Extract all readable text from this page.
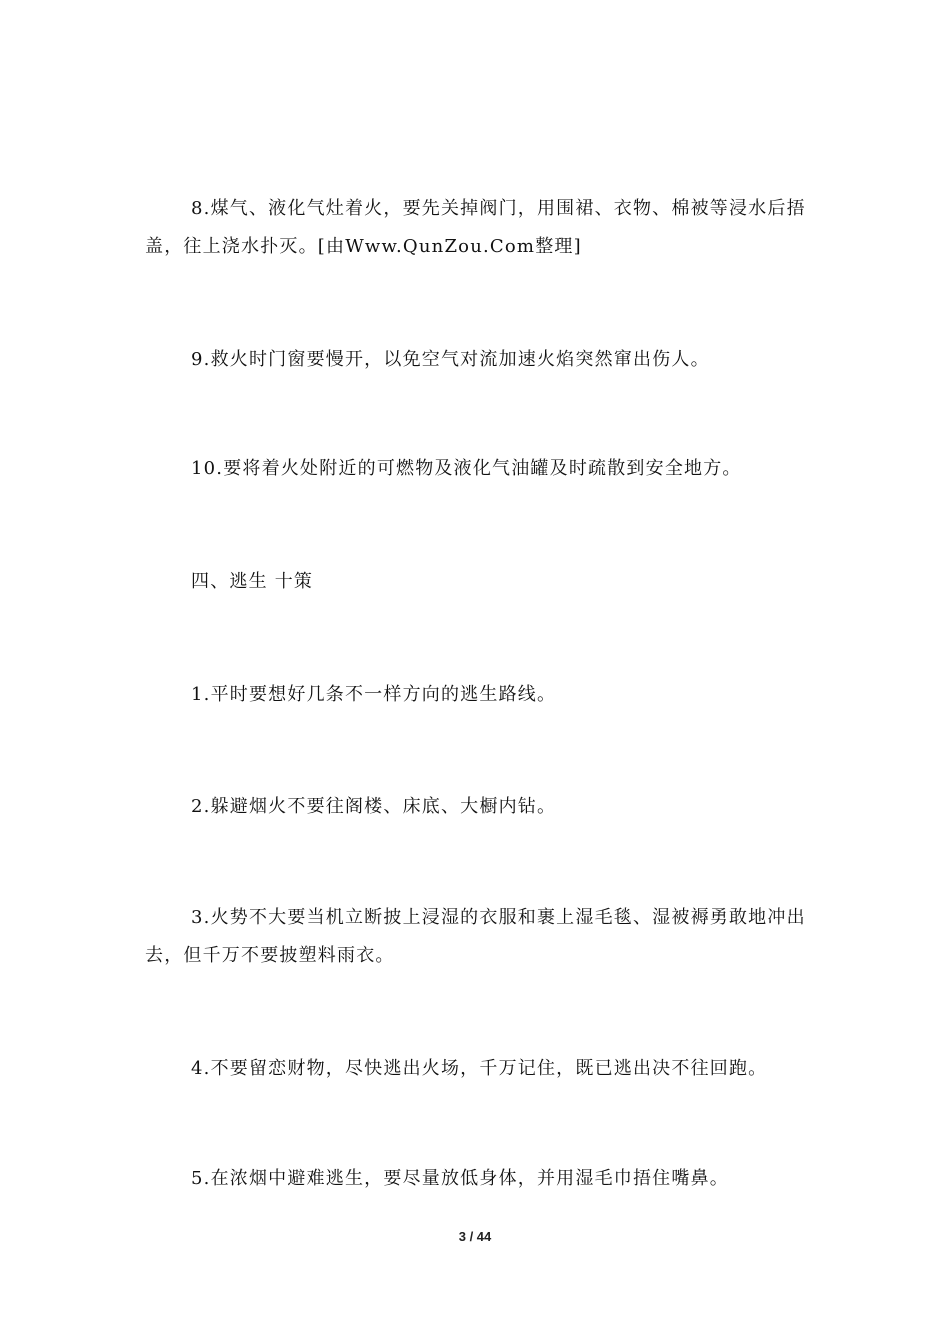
8.煤气、液化气灶着火，要先关掉阀门，用围裙、衣物、棉被等浸水后捂盖，往上浇水扑灭。[由Www.QunZou.Com整理]

9.救火时门窗要慢开，以免空气对流加速火焰突然窜出伤人。

10.要将着火处附近的可燃物及液化气油罐及时疏散到安全地方。

四、逃生 十策

1.平时要想好几条不一样方向的逃生路线。

2.躲避烟火不要往阁楼、床底、大橱内钻。

3.火势不大要当机立断披上浸湿的衣服和裹上湿毛毯、湿被褥勇敢地冲出去，但千万不要披塑料雨衣。

4.不要留恋财物，尽快逃出火场，千万记住，既已逃出决不往回跑。

5.在浓烟中避难逃生，要尽量放低身体，并用湿毛巾捂住嘴鼻。

3 / 44
